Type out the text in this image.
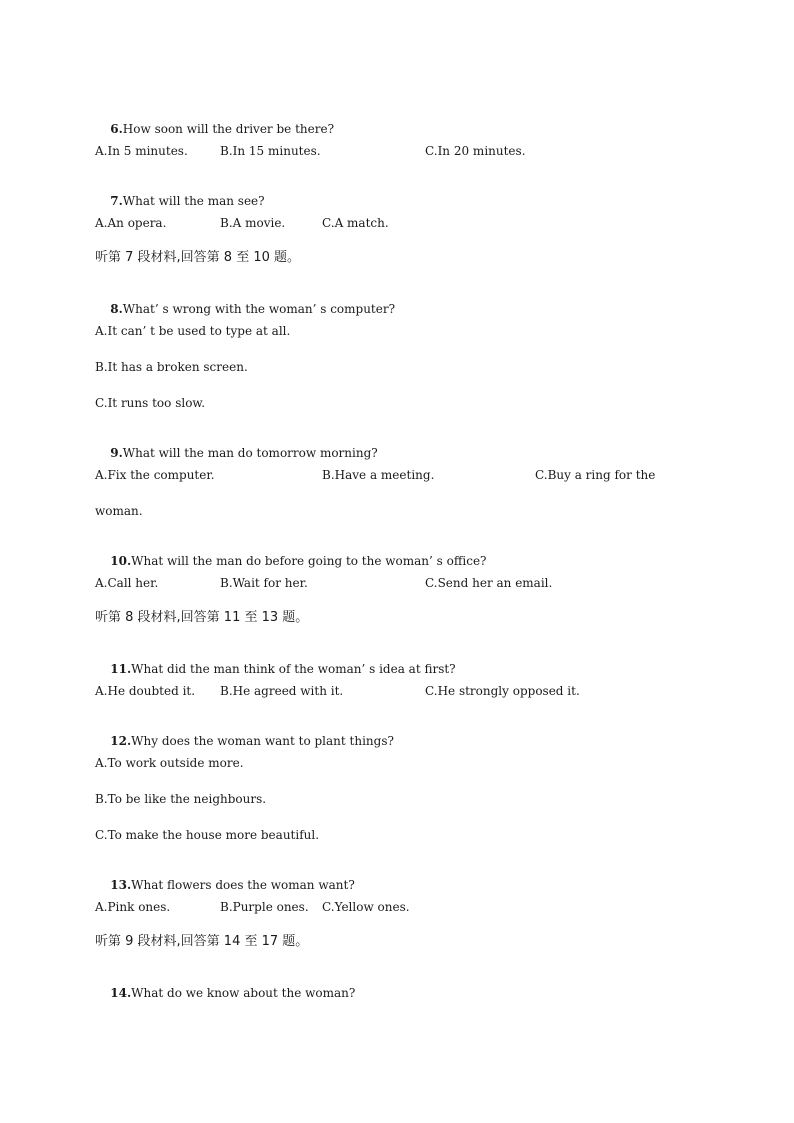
6.How soon will the driver be there?

A.In 5 minutes.	B.In 15 minutes.	C.In 20 minutes.

7.What will the man see?

A.An opera.	B.A movie.	C.A match.
听第 7 段材料,回答第 8 至 10 题。

8.What’ s wrong with the woman’ s computer?

A.It can’ t be used to type at all.
B.It has a broken screen.
C.It runs too slow.

9.What will the man do tomorrow morning?

A.Fix the computer.	B.Have a meeting.	C.Buy a ring for the
woman.

10.What will the man do before going to the woman’ s office?

A.Call her.	B.Wait for her.	C.Send her an email.
听第 8 段材料,回答第 11 至 13 题。

11.What did the man think of the woman’ s idea at first?

A.He doubted it. B.He agreed with it.	C.He strongly opposed it.

12.Why does the woman want to plant things?

A.To work outside more.
B.To be like the neighbours.
C.To make the house more beautiful.

13.What flowers does the woman want?

A.Pink ones.	B.Purple ones. C.Yellow ones.
听第 9 段材料,回答第 14 至 17 题。

14.What do we know about the woman?
